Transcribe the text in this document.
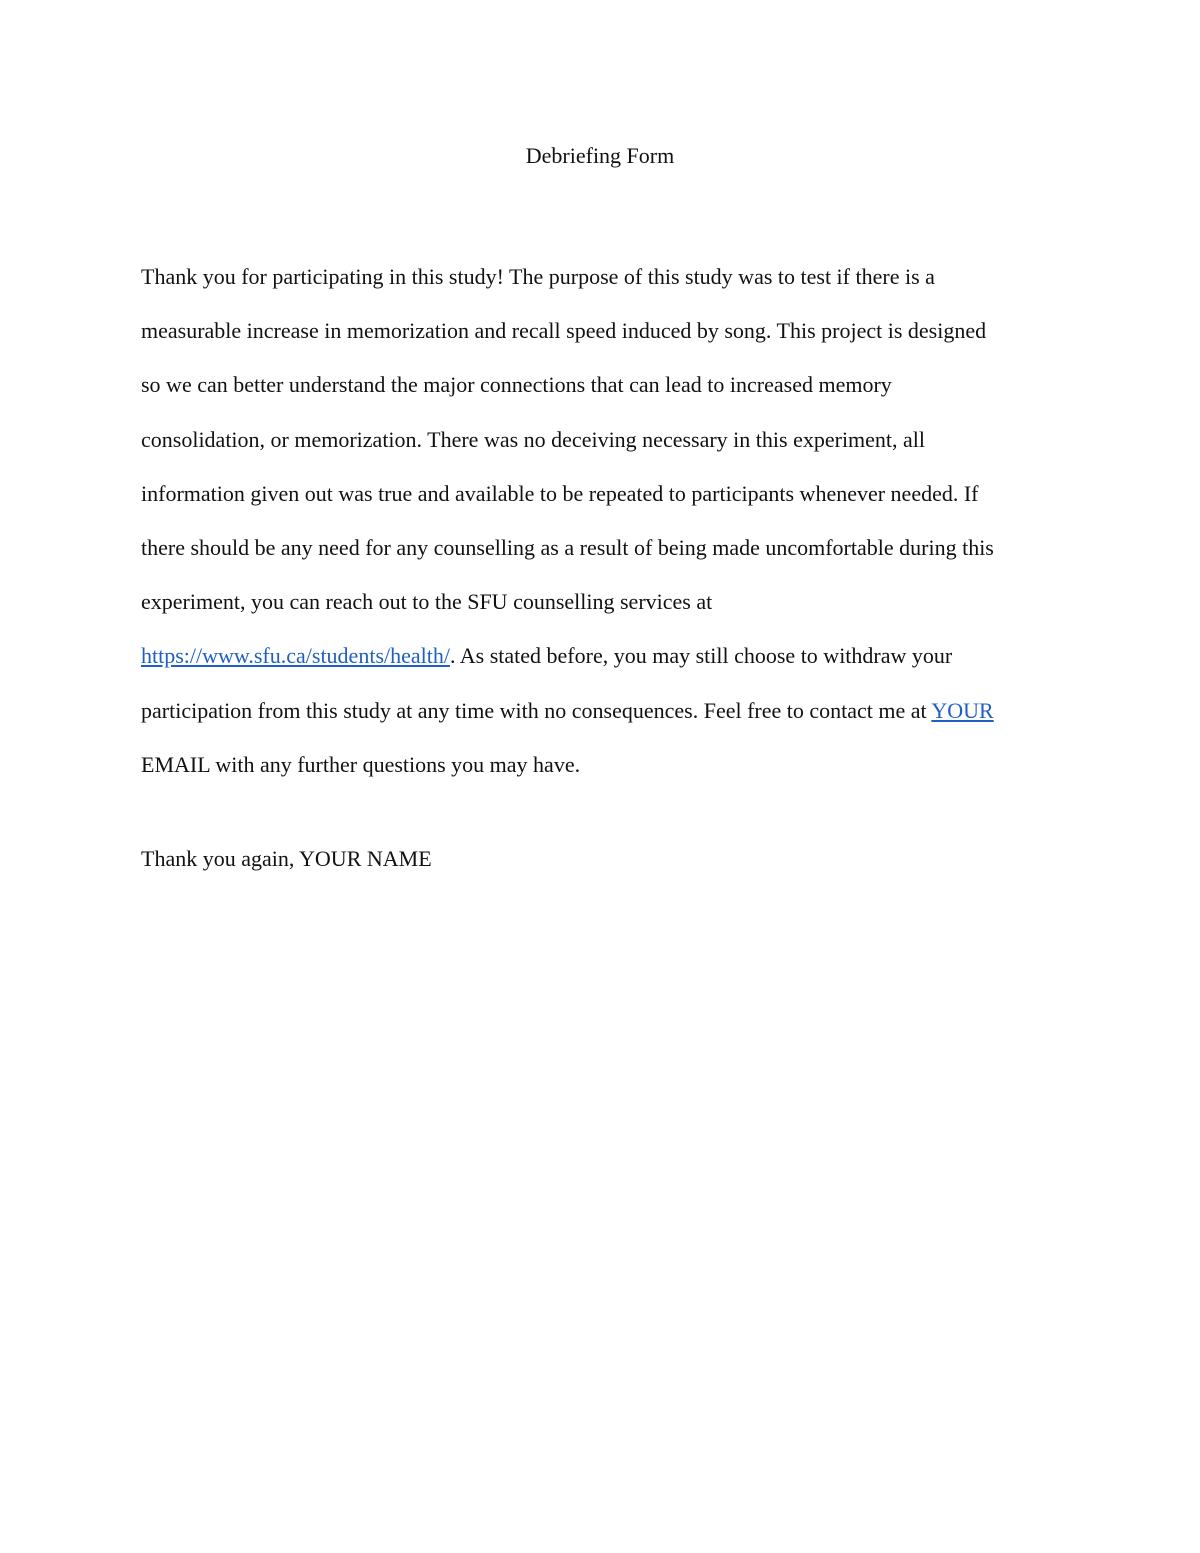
Debriefing Form

Thank you for participating in this study! The purpose of this study was to test if there is a
measurable increase in memorization and recall speed induced by song. This project is designed
so we can better understand the major connections that can lead to increased memory
consolidation, or memorization. There was no deceiving necessary in this experiment, all
information given out was true and available to be repeated to participants whenever needed. If
there should be any need for any counselling as a result of being made uncomfortable during this
experiment, you can reach out to the SFU counselling services at
https://www.sfu.ca/students/health/. As stated before, you may still choose to withdraw your
participation from this study at any time with no consequences. Feel free to contact me at YOUR
EMAIL with any further questions you may have.

Thank you again, YOUR NAME
